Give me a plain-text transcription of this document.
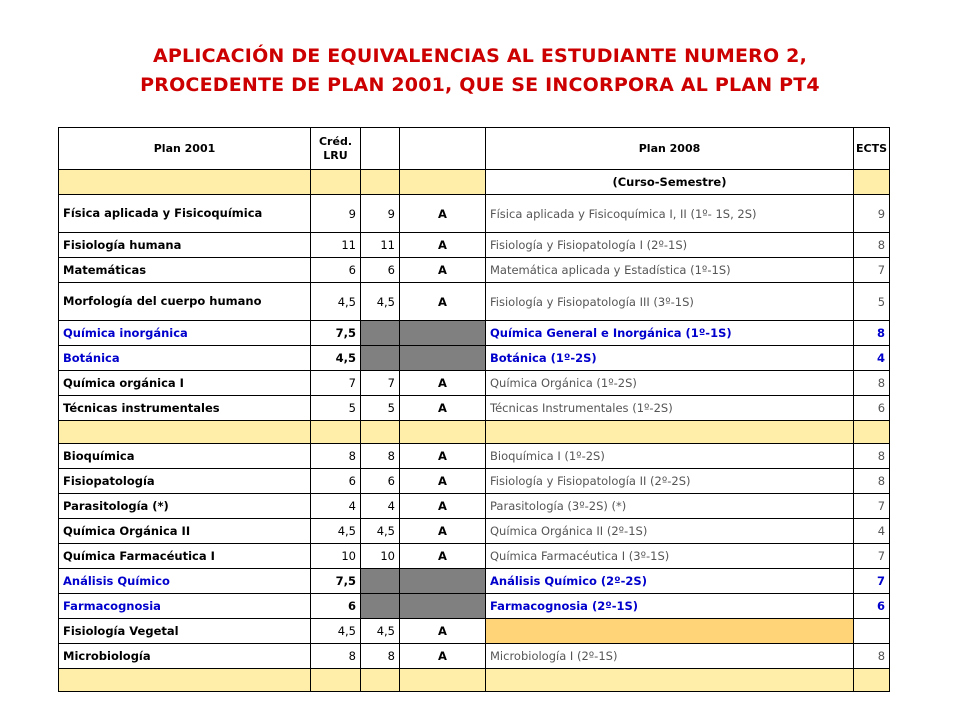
APLICACIÓN DE EQUIVALENCIAS AL ESTUDIANTE NUMERO 2,
PROCEDENTE DE PLAN 2001, QUE SE INCORPORA AL PLAN PT4
Plan 2001	Créd. LRU			Plan 2008	ECTS
				(Curso-Semestre)	
Física aplicada y Fisicoquímica	9	9	A	Física aplicada y Fisicoquímica I, II (1º- 1S, 2S)	9
Fisiología humana	11	11	A	Fisiología y Fisiopatología I (2º-1S)	8
Matemáticas	6	6	A	Matemática aplicada y Estadística (1º-1S)	7
Morfología del cuerpo humano	4,5	4,5	A	Fisiología y Fisiopatología III (3º-1S)	5
Química inorgánica	7,5			Química General e Inorgánica (1º-1S)	8
Botánica	4,5			Botánica (1º-2S)	4
Química orgánica I	7	7	A	Química Orgánica (1º-2S)	8
Técnicas instrumentales	5	5	A	Técnicas Instrumentales (1º-2S)	6

Bioquímica	8	8	A	Bioquímica I (1º-2S)	8
Fisiopatología	6	6	A	Fisiología y Fisiopatología II (2º-2S)	8
Parasitología (*)	4	4	A	Parasitología (3º-2S) (*)	7
Química Orgánica II	4,5	4,5	A	Química Orgánica II (2º-1S)	4
Química Farmacéutica I	10	10	A	Química Farmacéutica I (3º-1S)	7
Análisis Químico	7,5			Análisis Químico (2º-2S)	7
Farmacognosia	6			Farmacognosia (2º-1S)	6
Fisiología Vegetal	4,5	4,5	A		
Microbiología	8	8	A	Microbiología I (2º-1S)	8
